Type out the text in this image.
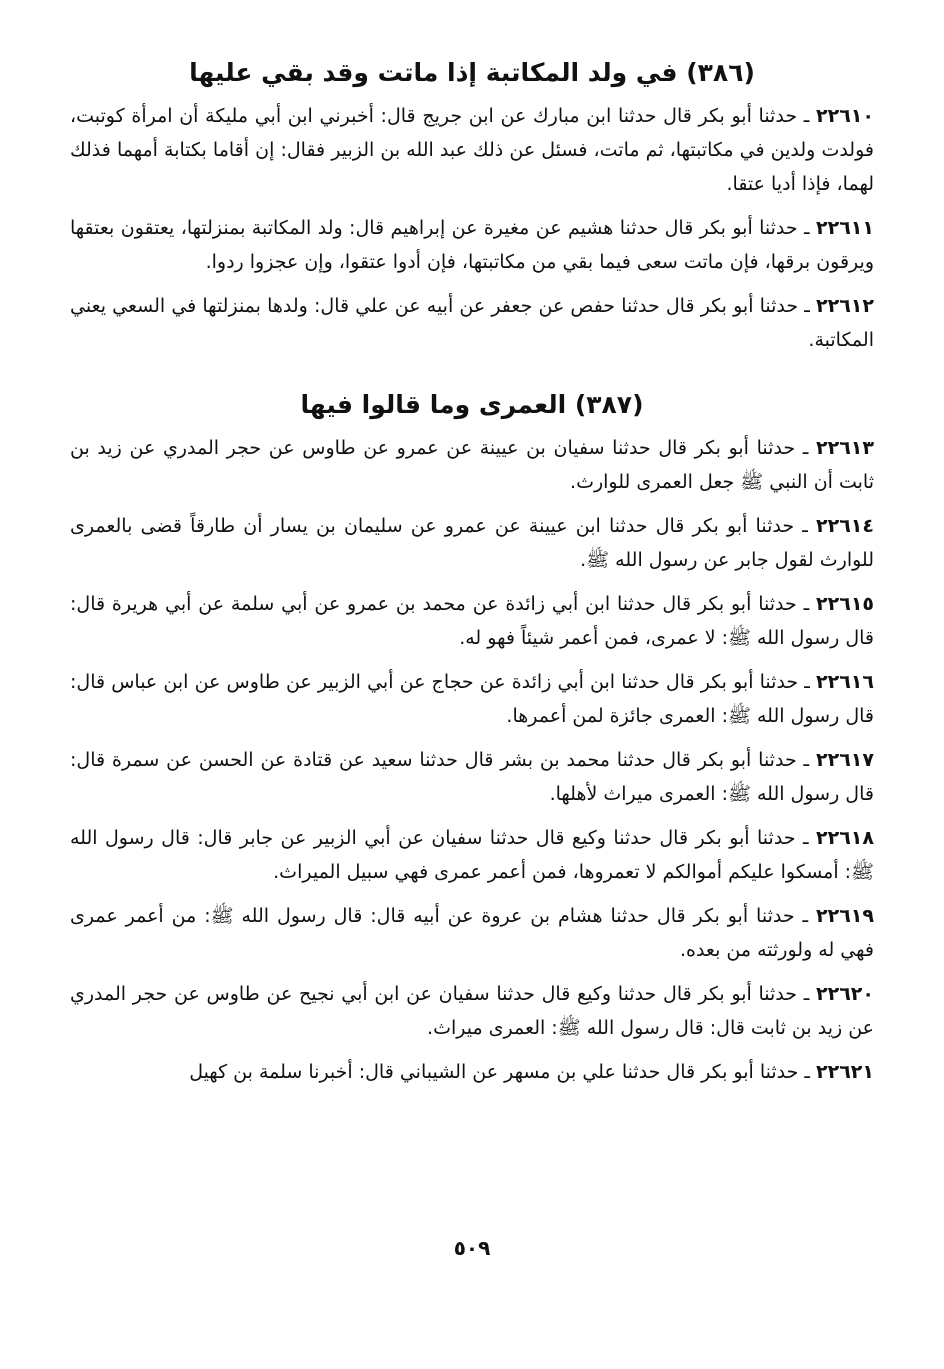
(٣٨٦) في ولد المكاتبة إذا ماتت وقد بقي عليها

٢٢٦١٠ ـ حدثنا أبو بكر قال حدثنا ابن مبارك عن ابن جريج قال: أخبرني ابن أبي مليكة أن امرأة كوتبت، فولدت ولدين في مكاتبتها، ثم ماتت، فسئل عن ذلك عبد الله بن الزبير فقال: إن أقاما بكتابة أمهما فذلك لهما، فإذا أديا عتقا.

٢٢٦١١ ـ حدثنا أبو بكر قال حدثنا هشيم عن مغيرة عن إبراهيم قال: ولد المكاتبة بمنزلتها، يعتقون بعتقها ويرقون برقها، فإن ماتت سعى فيما بقي من مكاتبتها، فإن أدوا عتقوا، وإن عجزوا ردوا.

٢٢٦١٢ ـ حدثنا أبو بكر قال حدثنا حفص عن جعفر عن أبيه عن علي قال: ولدها بمنزلتها في السعي يعني المكاتبة.

(٣٨٧) العمرى وما قالوا فيها

٢٢٦١٣ ـ حدثنا أبو بكر قال حدثنا سفيان بن عيينة عن عمرو عن طاوس عن حجر المدري عن زيد بن ثابت أن النبي ﷺ جعل العمرى للوارث.

٢٢٦١٤ ـ حدثنا أبو بكر قال حدثنا ابن عيينة عن عمرو عن سليمان بن يسار أن طارقاً قضى بالعمرى للوارث لقول جابر عن رسول الله ﷺ.

٢٢٦١٥ ـ حدثنا أبو بكر قال حدثنا ابن أبي زائدة عن محمد بن عمرو عن أبي سلمة عن أبي هريرة قال: قال رسول الله ﷺ: لا عمرى، فمن أعمر شيئاً فهو له.

٢٢٦١٦ ـ حدثنا أبو بكر قال حدثنا ابن أبي زائدة عن حجاج عن أبي الزبير عن طاوس عن ابن عباس قال: قال رسول الله ﷺ: العمرى جائزة لمن أعمرها.

٢٢٦١٧ ـ حدثنا أبو بكر قال حدثنا محمد بن بشر قال حدثنا سعيد عن قتادة عن الحسن عن سمرة قال: قال رسول الله ﷺ: العمرى ميراث لأهلها.

٢٢٦١٨ ـ حدثنا أبو بكر قال حدثنا وكيع قال حدثنا سفيان عن أبي الزبير عن جابر قال: قال رسول الله ﷺ: أمسكوا عليكم أموالكم لا تعمروها، فمن أعمر عمرى فهي سبيل الميراث.

٢٢٦١٩ ـ حدثنا أبو بكر قال حدثنا هشام بن عروة عن أبيه قال: قال رسول الله ﷺ: من أعمر عمرى فهي له ولورثته من بعده.

٢٢٦٢٠ ـ حدثنا أبو بكر قال حدثنا وكيع قال حدثنا سفيان عن ابن أبي نجيح عن طاوس عن حجر المدري عن زيد بن ثابت قال: قال رسول الله ﷺ: العمرى ميراث.

٢٢٦٢١ ـ حدثنا أبو بكر قال حدثنا علي بن مسهر عن الشيباني قال: أخبرنا سلمة بن كهيل

٥٠٩
